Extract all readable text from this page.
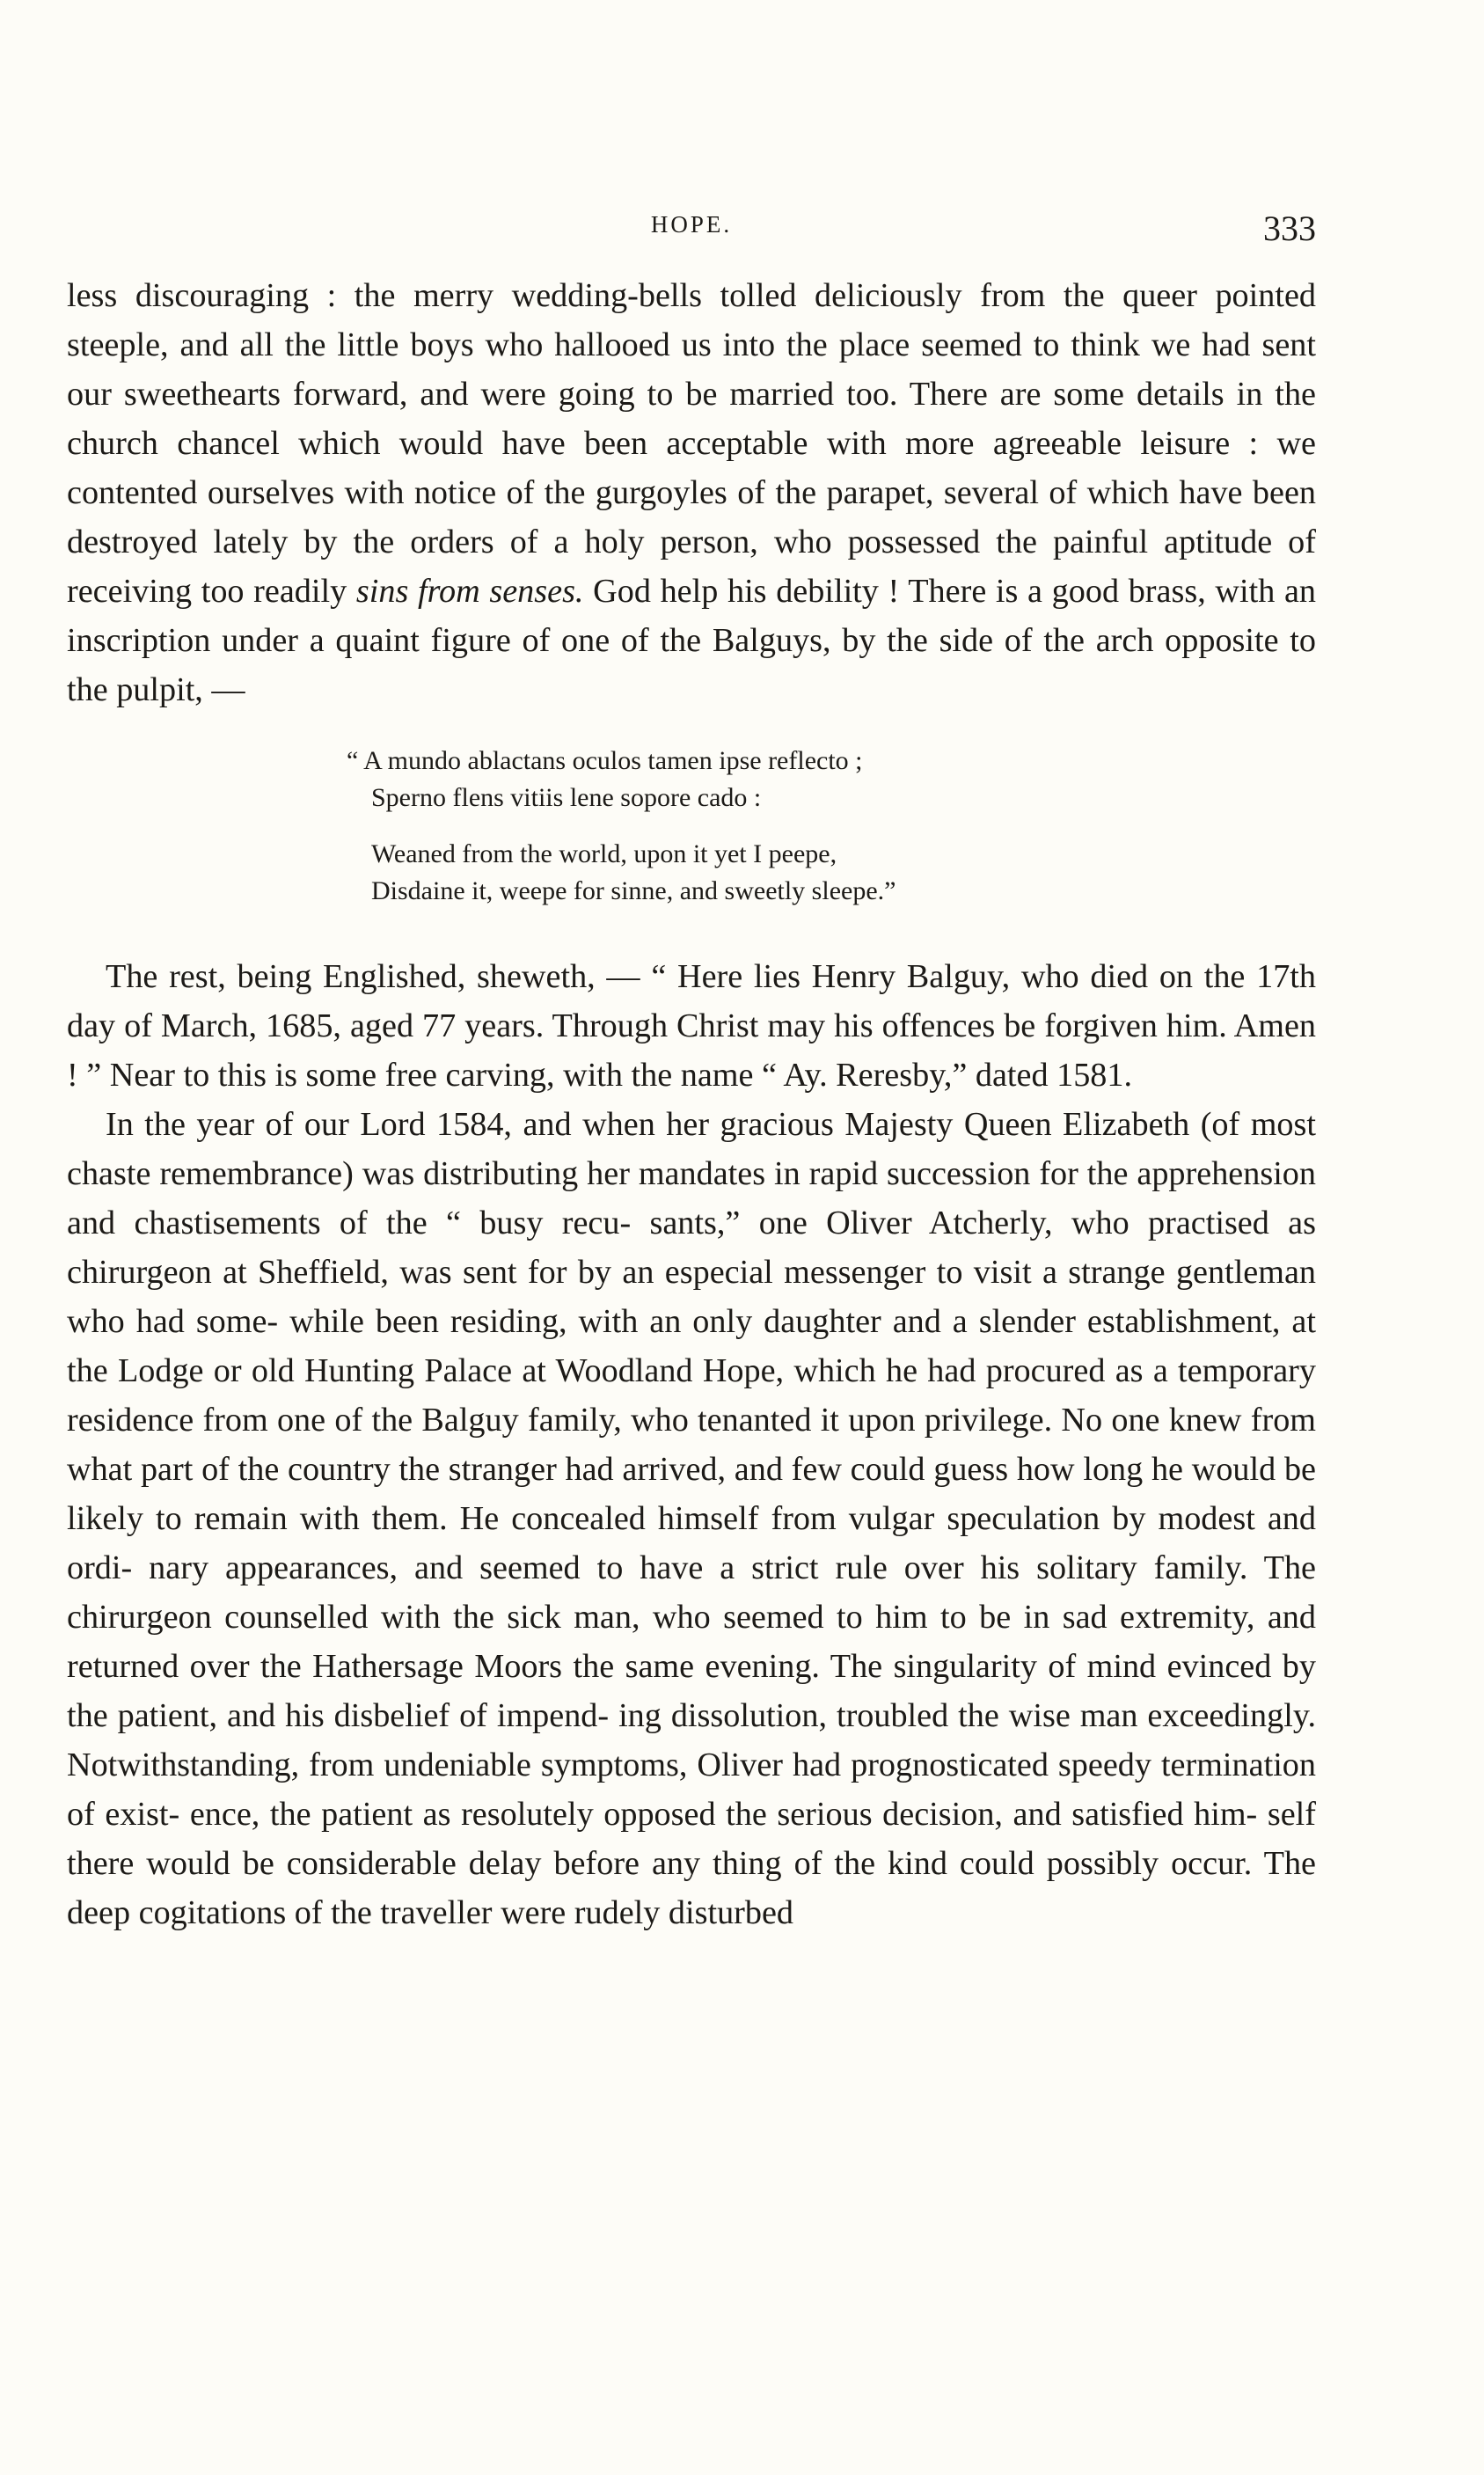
HOPE.	333

less discouraging : the merry wedding-bells tolled deliciously from the queer pointed steeple, and all the little boys who hallooed us into the place seemed to think we had sent our sweethearts forward, and were going to be married too. There are some details in the church chancel which would have been acceptable with more agreeable leisure : we contented ourselves with notice of the gurgoyles of the parapet, several of which have been destroyed lately by the orders of a holy person, who possessed the painful aptitude of receiving too readily sins from senses. God help his debility ! There is a good brass, with an inscription under a quaint figure of one of the Balguys, by the side of the arch opposite to the pulpit, —

“ A mundo ablactans oculos tamen ipse reflecto ;
Sperno flens vitiis lene sopore cado :
Weaned from the world, upon it yet I peepe,
Disdaine it, weepe for sinne, and sweetly sleepe.”

The rest, being Englished, sheweth, — “ Here lies Henry Balguy, who died on the 17th day of March, 1685, aged 77 years. Through Christ may his offences be forgiven him. Amen ! ” Near to this is some free carving, with the name “ Ay. Reresby,” dated 1581.

In the year of our Lord 1584, and when her gracious Majesty Queen Elizabeth (of most chaste remembrance) was distributing her mandates in rapid succession for the apprehension and chastisements of the “ busy recu- sants,” one Oliver Atcherly, who practised as chirurgeon at Sheffield, was sent for by an especial messenger to visit a strange gentleman who had some- while been residing, with an only daughter and a slender establishment, at the Lodge or old Hunting Palace at Woodland Hope, which he had procured as a temporary residence from one of the Balguy family, who tenanted it upon privilege. No one knew from what part of the country the stranger had arrived, and few could guess how long he would be likely to remain with them. He concealed himself from vulgar speculation by modest and ordi- nary appearances, and seemed to have a strict rule over his solitary family. The chirurgeon counselled with the sick man, who seemed to him to be in sad extremity, and returned over the Hathersage Moors the same evening. The singularity of mind evinced by the patient, and his disbelief of impend- ing dissolution, troubled the wise man exceedingly. Notwithstanding, from undeniable symptoms, Oliver had prognosticated speedy termination of exist- ence, the patient as resolutely opposed the serious decision, and satisfied him- self there would be considerable delay before any thing of the kind could possibly occur. The deep cogitations of the traveller were rudely disturbed
